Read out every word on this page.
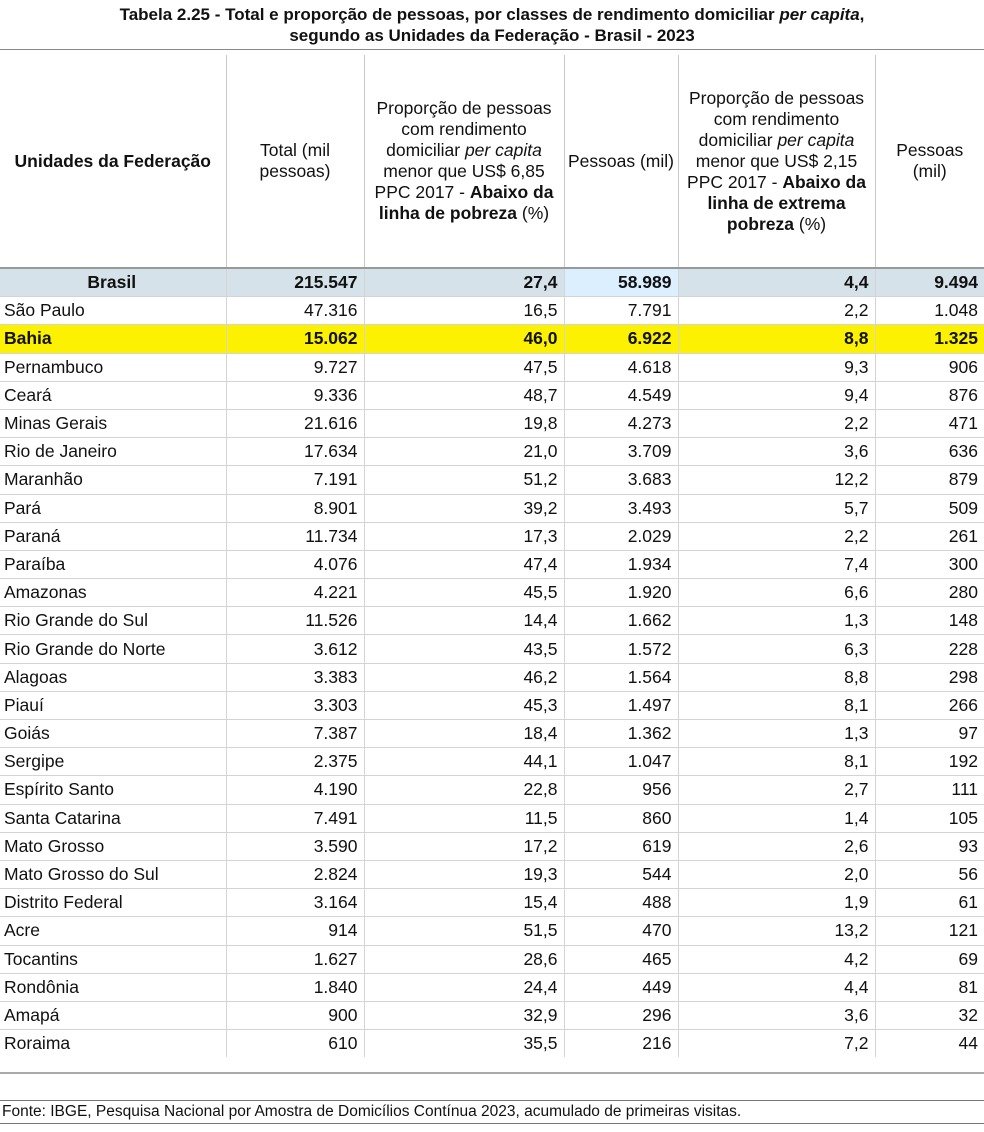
Tabela 2.25 - Total e proporção de pessoas, por classes de rendimento domiciliar per capita,
segundo as Unidades da Federação - Brasil - 2023
Unidades da Federação	Total (mil pessoas)	Proporção de pessoas com rendimento domiciliar per capita menor que US$ 6,85 PPC 2017 - Abaixo da linha de pobreza (%)	Pessoas (mil)	Proporção de pessoas com rendimento domiciliar per capita menor que US$ 2,15 PPC 2017 - Abaixo da linha de extrema pobreza (%)	Pessoas (mil)
Brasil	215.547	27,4	58.989	4,4	9.494
São Paulo	47.316	16,5	7.791	2,2	1.048
Bahia	15.062	46,0	6.922	8,8	1.325
Pernambuco	9.727	47,5	4.618	9,3	906
Ceará	9.336	48,7	4.549	9,4	876
Minas Gerais	21.616	19,8	4.273	2,2	471
Rio de Janeiro	17.634	21,0	3.709	3,6	636
Maranhão	7.191	51,2	3.683	12,2	879
Pará	8.901	39,2	3.493	5,7	509
Paraná	11.734	17,3	2.029	2,2	261
Paraíba	4.076	47,4	1.934	7,4	300
Amazonas	4.221	45,5	1.920	6,6	280
Rio Grande do Sul	11.526	14,4	1.662	1,3	148
Rio Grande do Norte	3.612	43,5	1.572	6,3	228
Alagoas	3.383	46,2	1.564	8,8	298
Piauí	3.303	45,3	1.497	8,1	266
Goiás	7.387	18,4	1.362	1,3	97
Sergipe	2.375	44,1	1.047	8,1	192
Espírito Santo	4.190	22,8	956	2,7	111
Santa Catarina	7.491	11,5	860	1,4	105
Mato Grosso	3.590	17,2	619	2,6	93
Mato Grosso do Sul	2.824	19,3	544	2,0	56
Distrito Federal	3.164	15,4	488	1,9	61
Acre	914	51,5	470	13,2	121
Tocantins	1.627	28,6	465	4,2	69
Rondônia	1.840	24,4	449	4,4	81
Amapá	900	32,9	296	3,6	32
Roraima	610	35,5	216	7,2	44
Fonte: IBGE, Pesquisa Nacional por Amostra de Domicílios Contínua 2023, acumulado de primeiras visitas.
